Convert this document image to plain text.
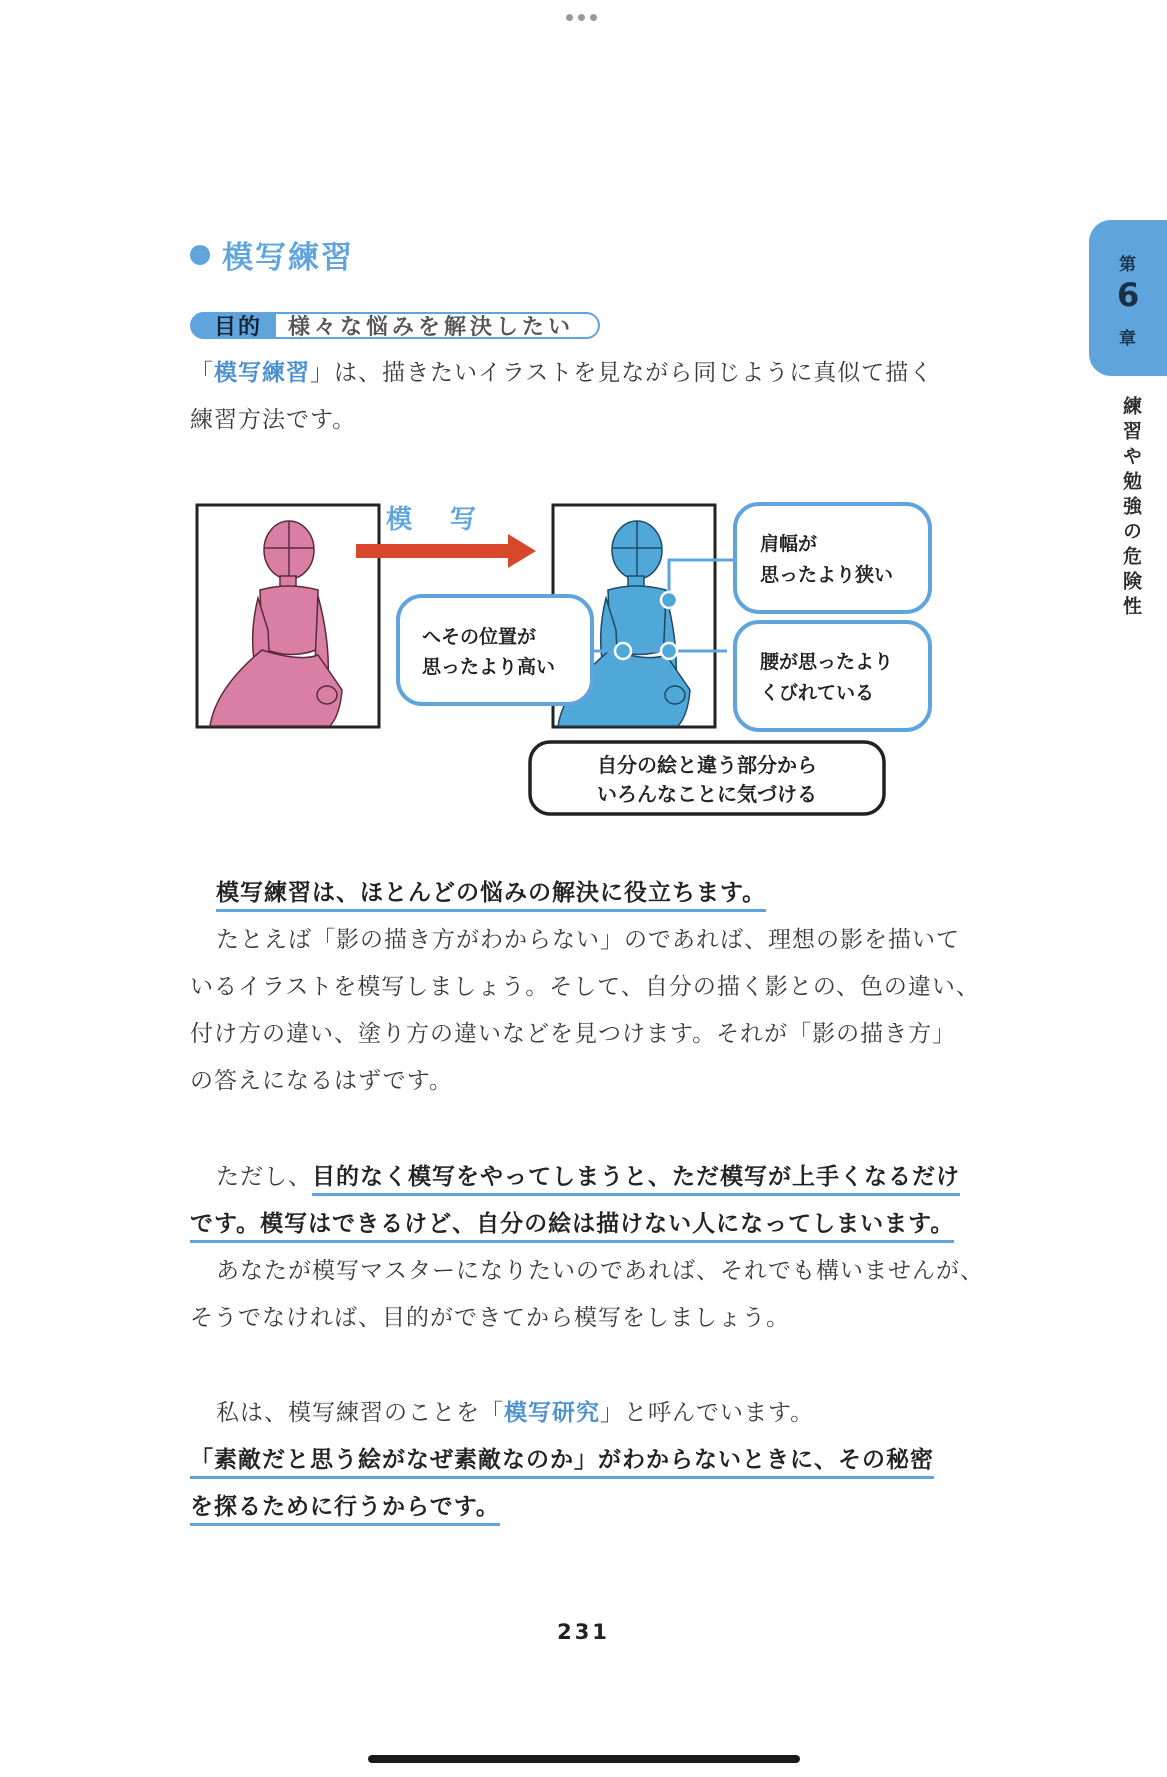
第
6
章
練習や勉強の危険性
模写練習
目的	様々な悩みを解決したい
「模写練習」は、描きたいイラストを見ながら同じように真似て描く
練習方法です。
模　写
へその位置が
思ったより高い
肩幅が
思ったより狭い
腰が思ったより
くびれている
自分の絵と違う部分から
いろんなことに気づける
模写練習は、ほとんどの悩みの解決に役立ちます。
たとえば「影の描き方がわからない」のであれば、理想の影を描いて
いるイラストを模写しましょう。そして、自分の描く影との、色の違い、
付け方の違い、塗り方の違いなどを見つけます。それが「影の描き方」
の答えになるはずです。
ただし、目的なく模写をやってしまうと、ただ模写が上手くなるだけ
です。模写はできるけど、自分の絵は描けない人になってしまいます。
あなたが模写マスターになりたいのであれば、それでも構いませんが、
そうでなければ、目的ができてから模写をしましょう。
私は、模写練習のことを「模写研究」と呼んでいます。
「素敵だと思う絵がなぜ素敵なのか」がわからないときに、その秘密
を探るために行うからです。
231
